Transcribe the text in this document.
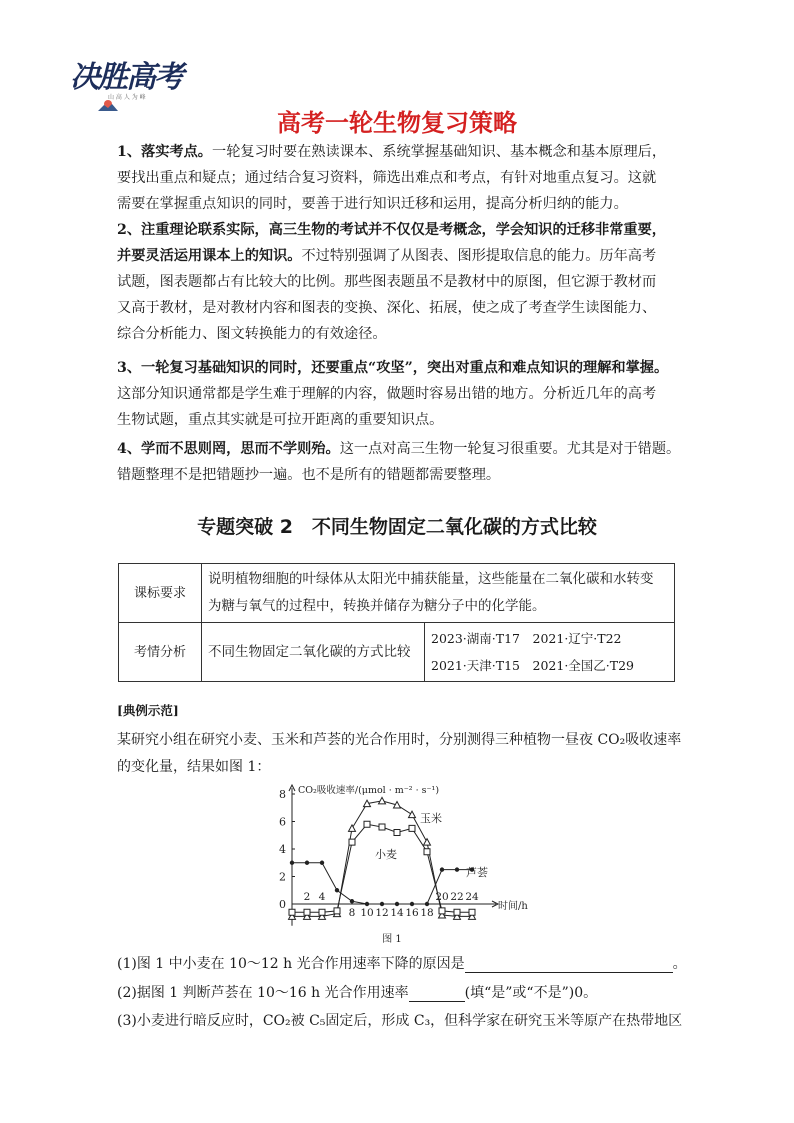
决胜高考
山 高 人 为 峰
高考一轮生物复习策略
1、落实考点。一轮复习时要在熟读课本、系统掌握基础知识、基本概念和基本原理后，
要找出重点和疑点；通过结合复习资料，筛选出难点和考点，有针对地重点复习。这就
需要在掌握重点知识的同时，要善于进行知识迁移和运用，提高分析归纳的能力。
2、注重理论联系实际，高三生物的考试并不仅仅是考概念，学会知识的迁移非常重要，
并要灵活运用课本上的知识。不过特别强调了从图表、图形提取信息的能力。历年高考
试题，图表题都占有比较大的比例。那些图表题虽不是教材中的原图，但它源于教材而
又高于教材，是对教材内容和图表的变换、深化、拓展，使之成了考查学生读图能力、
综合分析能力、图文转换能力的有效途径。
3、一轮复习基础知识的同时，还要重点“攻坚”，突出对重点和难点知识的理解和掌握。
这部分知识通常都是学生难于理解的内容，做题时容易出错的地方。分析近几年的高考
生物试题，重点其实就是可拉开距离的重要知识点。
4、学而不思则罔，思而不学则殆。这一点对高三生物一轮复习很重要。尤其是对于错题。
错题整理不是把错题抄一遍。也不是所有的错题都需要整理。
专题突破 2　不同生物固定二氧化碳的方式比较
课标要求	说明植物细胞的叶绿体从太阳光中捕获能量，这些能量在二氧化碳和水转变
为糖与氧气的过程中，转换并储存为糖分子中的化学能。	

考情分析	不同生物固定二氧化碳的方式比较	2023·湖南·T17　2021·辽宁·T22
2021·天津·T15　2021·全国乙·T29
[典例示范]
某研究小组在研究小麦、玉米和芦荟的光合作用时，分别测得三种植物一昼夜 CO₂吸收速率
的变化量，结果如图 1：
0
2
4
6
8
2 4
8 10 12 14 16 18
20 22 24
CO₂吸收速率/(μmol · m⁻² · s⁻¹)
时间/h
图 1
玉米
小麦
芦荟
(1)图 1 中小麦在 10～12 h 光合作用速率下降的原因是	。
(2)据图 1 判断芦荟在 10～16 h 光合作用速率	(填“是”或“不是”)0。
(3)小麦进行暗反应时，CO₂被 C₅固定后，形成 C₃，但科学家在研究玉米等原产在热带地区
